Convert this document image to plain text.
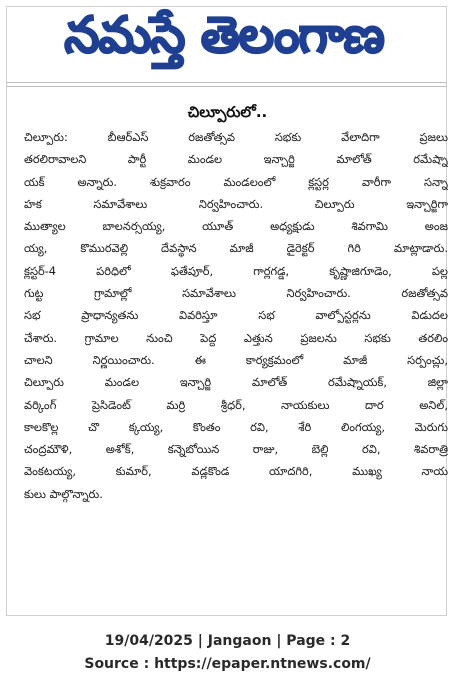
నమస్తే తెలంగాణ
చిల్పూరులో..
చిల్పూరు: బీఆర్ఎస్ రజతోత్సవ సభకు వేలాదిగా ప్రజలు
తరలిరావాలని పార్టీ మండల ఇన్చార్జి మాలోత్ రమేష్నా
యక్ అన్నారు. శుక్రవారం మండలంలో క్లస్టర్ల వారీగా సన్నా
హక సమావేశాలు నిర్వహించారు. చిల్పూరు ఇన్చార్జిగా
ముత్యాల బాలనర్సయ్య, యూత్ అధ్యక్షుడు శివగామి అంజ
య్య, కొమురవెల్లి దేవస్థాన మాజీ డైరెక్టర్ గిరి మాట్లాడారు.
క్లస్టర్-4 పరిధిలో ఫతేపూర్, గార్లగడ్డ, కృష్ణాజిగూడెం, పల్ల
గుట్ట గ్రామాల్లో సమావేశాలు నిర్వహించారు. రజతోత్సవ
సభ ప్రాధాన్యతను వివరిస్తూ సభ వాల్పోస్టర్లను విడుదల
చేశారు. గ్రామాల నుంచి పెద్ద ఎత్తున ప్రజలను సభకు తరలిం
చాలని నిర్ణయించారు. ఈ కార్యక్రమంలో మాజీ సర్పంచ్లు,
చిల్పూరు మండల ఇన్చార్జి మాలోత్ రమేష్నాయక్, జిల్లా
వర్కింగ్ ప్రెసిడెంట్ మర్రి శ్రీధర్, నాయకులు దార అనిల్,
కాలకొల్ల చొ క్కయ్య, కొంతం రవి, శేరి లింగయ్య, మెరుగు
చంద్రమౌళి, అశోక్, కన్నెబోయిన రాజు, బెల్లి రవి, శివరాత్రి
వెంకటయ్య, కుమార్, వడ్లకొండ యాదగిరి, ముఖ్య నాయ
కులు పాల్గొన్నారు.
19/04/2025 | Jangaon | Page : 2
Source : https://epaper.ntnews.com/
